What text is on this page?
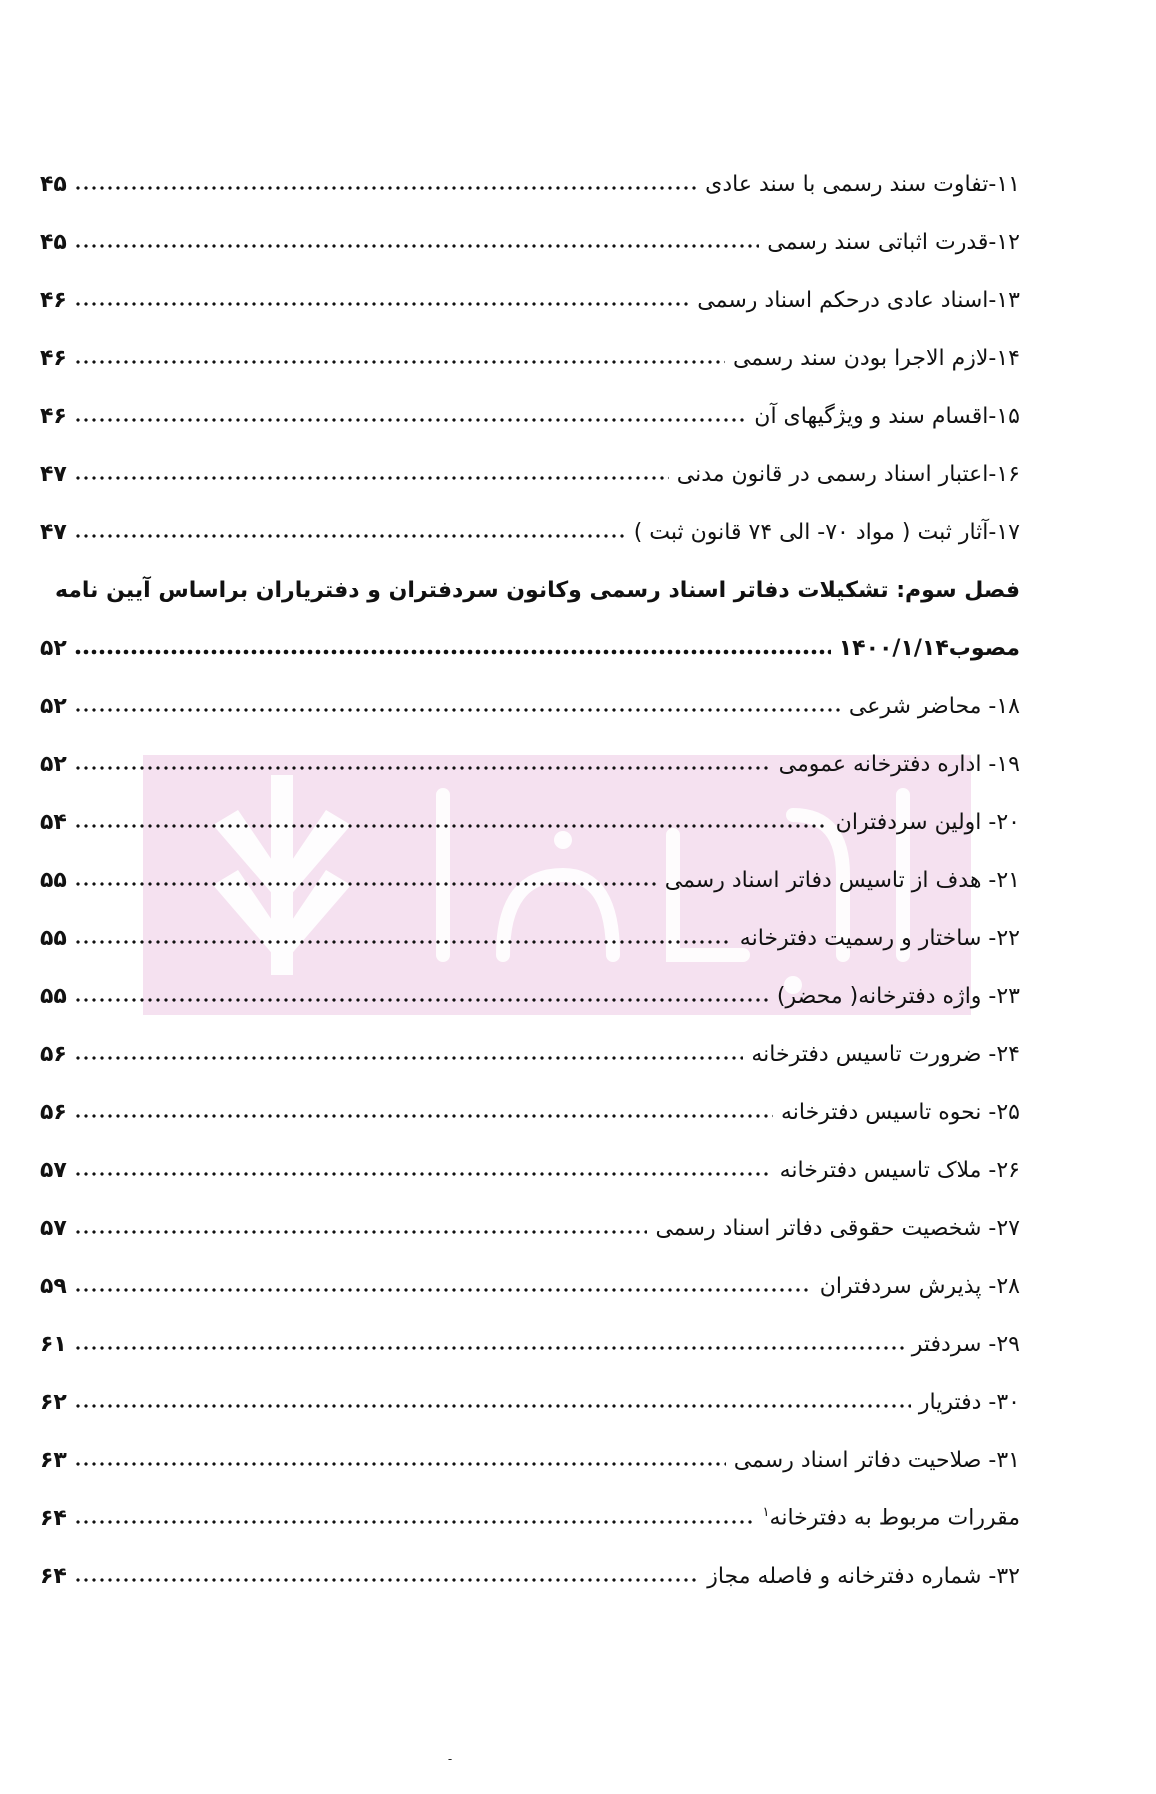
۱۱-تفاوت سند رسمی با سند عادی
۴۵
۱۲-قدرت اثباتی سند رسمی
۴۵
۱۳-اسناد عادی درحکم اسناد رسمی
۴۶
۱۴-لازم الاجرا بودن سند رسمی
۴۶
۱۵-اقسام سند و ویژگیهای آن
۴۶
۱۶-اعتبار اسناد رسمی در قانون مدنی
۴۷
۱۷-آثار ثبت ( مواد ۷۰- الی ۷۴ قانون ثبت )
۴۷
فصل سوم: تشکیلات دفاتر اسناد رسمی وکانون سردفتران و دفتریاران براساس آیین نامه
مصوب۱۴۰۰/۱/۱۴
۵۲
۱۸- محاضر شرعی
۵۲
۱۹- اداره دفترخانه عمومی
۵۲
۲۰- اولین سردفتران
۵۴
۲۱- هدف از تاسیس دفاتر اسناد رسمی
۵۵
۲۲- ساختار و رسمیت دفترخانه
۵۵
۲۳- واژه دفترخانه( محضر)
۵۵
۲۴- ضرورت تاسیس دفترخانه
۵۶
۲۵- نحوه تاسیس دفترخانه
۵۶
۲۶- ملاک تاسیس دفترخانه
۵۷
۲۷- شخصیت حقوقی دفاتر اسناد رسمی
۵۷
۲۸- پذیرش سردفتران
۵۹
۲۹- سردفتر
۶۱
۳۰- دفتریار
۶۲
۳۱- صلاحیت دفاتر اسناد رسمی
۶۳
مقررات مربوط به دفترخانه$^۱$
۶۴
۳۲- شماره دفترخانه و فاصله مجاز
۶۴
-
